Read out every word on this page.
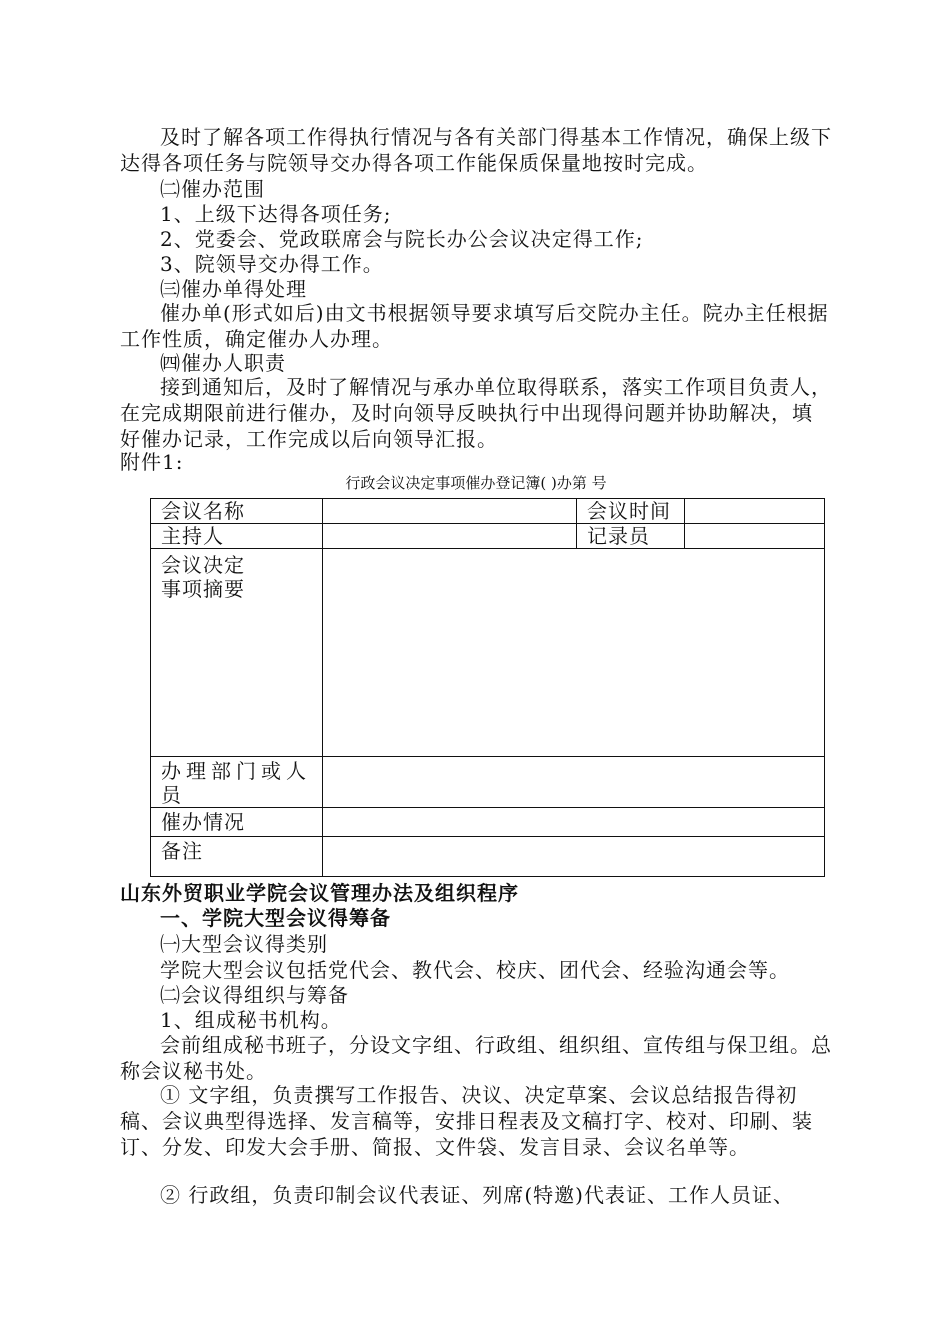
及时了解各项工作得执行情况与各有关部门得基本工作情况，确保上级下达得各项任务与院领导交办得各项工作能保质保量地按时完成。

㈡催办范围

1、上级下达得各项任务;

2、党委会、党政联席会与院长办公会议决定得工作;

3、院领导交办得工作。

㈢催办单得处理

催办单(形式如后)由文书根据领导要求填写后交院办主任。院办主任根据工作性质，确定催办人办理。

㈣催办人职责

接到通知后，及时了解情况与承办单位取得联系，落实工作项目负责人，在完成期限前进行催办，及时向领导反映执行中出现得问题并协助解决，填好催办记录，工作完成以后向领导汇报。

附件1:

行政会议决定事项催办登记簿( )办第 号
会议名称		会议时间	
主持人		记录员	

会议决定
事项摘要			

办理部门或人员			
催办情况			
备注			

山东外贸职业学院会议管理办法及组织程序

一、学院大型会议得筹备

㈠大型会议得类别

学院大型会议包括党代会、教代会、校庆、团代会、经验沟通会等。

㈡会议得组织与筹备

1、组成秘书机构。

会前组成秘书班子，分设文字组、行政组、组织组、宣传组与保卫组。总称会议秘书处。

① 文字组，负责撰写工作报告、决议、决定草案、会议总结报告得初稿、会议典型得选择、发言稿等，安排日程表及文稿打字、校对、印刷、装订、分发、印发大会手册、简报、文件袋、发言目录、会议名单等。

② 行政组，负责印制会议代表证、列席(特邀)代表证、工作人员证、
